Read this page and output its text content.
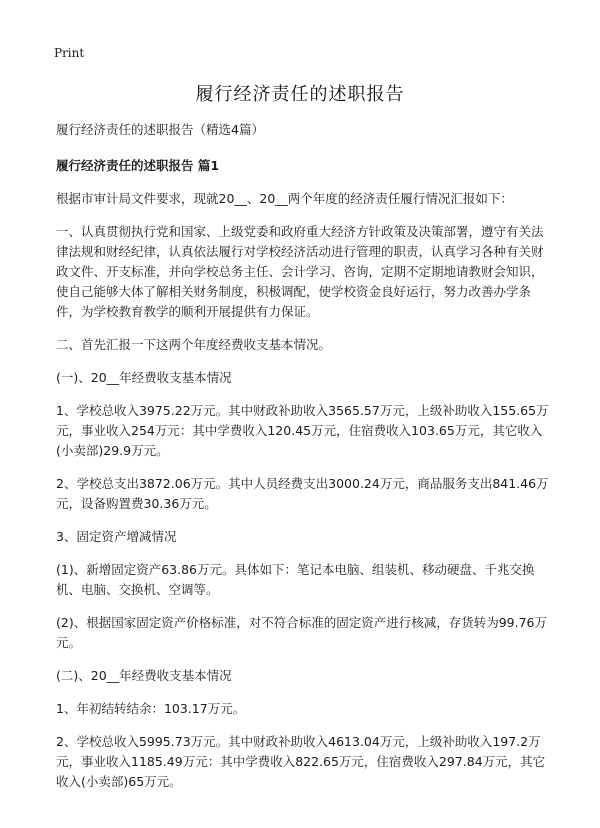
Print
履行经济责任的述职报告

履行经济责任的述职报告（精选4篇）

履行经济责任的述职报告 篇1

根据市审计局文件要求，现就20__、20__两个年度的经济责任履行情况汇报如下：

一、认真贯彻执行党和国家、上级党委和政府重大经济方针政策及决策部署，遵守有关法律法规和财经纪律，认真依法履行对学校经济活动进行管理的职责，认真学习各种有关财政文件、开支标准，并向学校总务主任、会计学习、咨询，定期不定期地请教财会知识，使自己能够大体了解相关财务制度，积极调配，使学校资金良好运行，努力改善办学条件，为学校教育教学的顺利开展提供有力保证。

二、首先汇报一下这两个年度经费收支基本情况。

(一)、20__年经费收支基本情况

1、学校总收入3975.22万元。其中财政补助收入3565.57万元，上级补助收入155.65万元，事业收入254万元：其中学费收入120.45万元，住宿费收入103.65万元，其它收入(小卖部)29.9万元。

2、学校总支出3872.06万元。其中人员经费支出3000.24万元，商品服务支出841.46万元，设备购置费30.36万元。

3、固定资产增减情况

(1)、新增固定资产63.86万元。具体如下：笔记本电脑、组装机、移动硬盘、千兆交换机、电脑、交换机、空调等。

(2)、根据国家固定资产价格标准，对不符合标准的固定资产进行核减，存货转为99.76万元。

(二)、20__年经费收支基本情况

1、年初结转结余：103.17万元。

2、学校总收入5995.73万元。其中财政补助收入4613.04万元，上级补助收入197.2万元，事业收入1185.49万元：其中学费收入822.65万元，住宿费收入297.84万元，其它收入(小卖部)65万元。
